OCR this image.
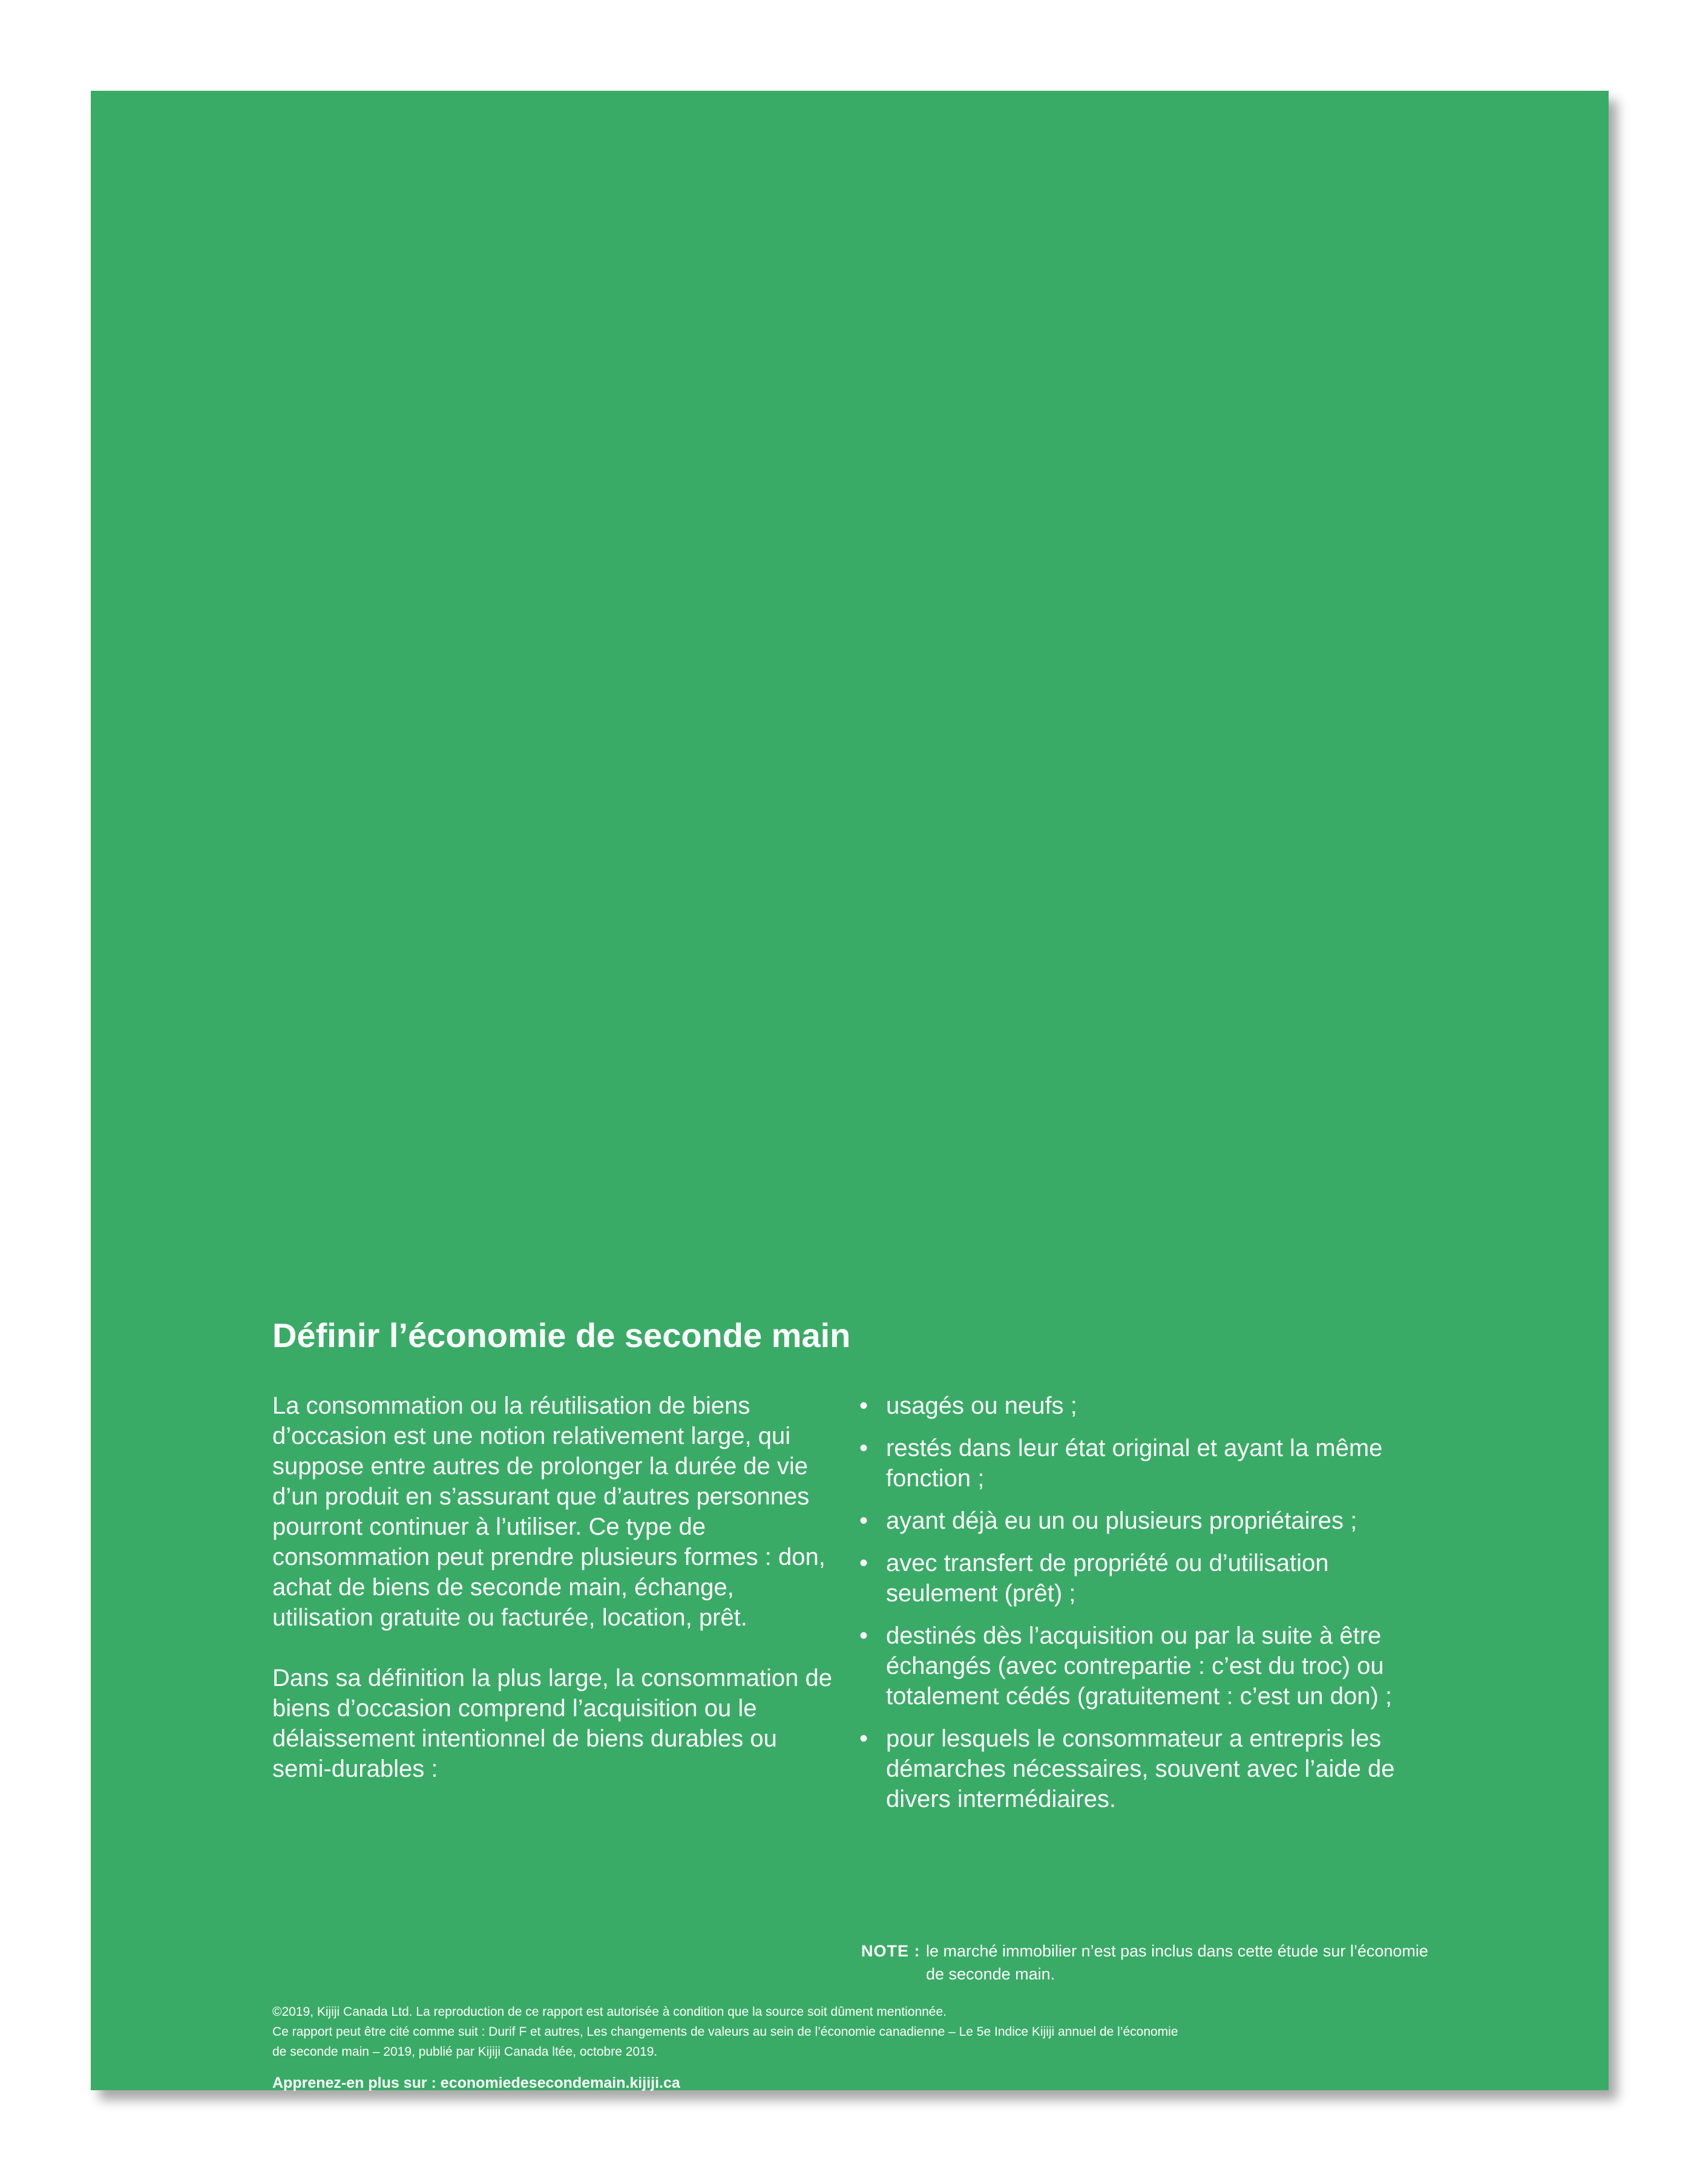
Définir l’économie de seconde main

La consommation ou la réutilisation de biens d’occasion est une notion relativement large, qui suppose entre autres de prolonger la durée de vie d’un produit en s’assurant que d’autres personnes pourront continuer à l’utiliser. Ce type de consommation peut prendre plusieurs formes : don, achat de biens de seconde main, échange, utilisation gratuite ou facturée, location, prêt.

Dans sa définition la plus large, la consommation de biens d’occasion comprend l’acquisition ou le délaissement intentionnel de biens durables ou semi-durables :

• usagés ou neufs ;
• restés dans leur état original et ayant la même fonction ;
• ayant déjà eu un ou plusieurs propriétaires ;
• avec transfert de propriété ou d’utilisation seulement (prêt) ;
• destinés dès l’acquisition ou par la suite à être échangés (avec contrepartie : c’est du troc) ou totalement cédés (gratuitement : c’est un don) ;
• pour lesquels le consommateur a entrepris les démarches nécessaires, souvent avec l’aide de divers intermédiaires.
NOTE : le marché immobilier n’est pas inclus dans cette étude sur l’économie de seconde main.
©2019, Kijiji Canada Ltd. La reproduction de ce rapport est autorisée à condition que la source soit dûment mentionnée.
Ce rapport peut être cité comme suit : Durif F et autres, Les changements de valeurs au sein de l’économie canadienne – Le 5e Indice Kijiji annuel de l’économie
de seconde main – 2019, publié par Kijiji Canada ltée, octobre 2019.
Apprenez-en plus sur : economiedesecondemain.kijiji.ca
